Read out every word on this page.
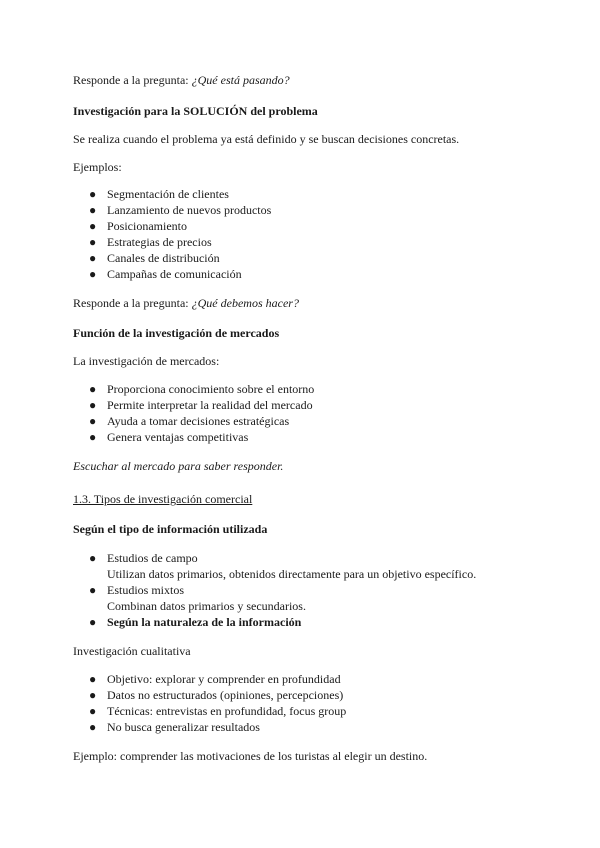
Responde a la pregunta: ¿Qué está pasando?
Investigación para la SOLUCIÓN del problema
Se realiza cuando el problema ya está definido y se buscan decisiones concretas.
Ejemplos:
● Segmentación de clientes
● Lanzamiento de nuevos productos
● Posicionamiento
● Estrategias de precios
● Canales de distribución
● Campañas de comunicación
Responde a la pregunta: ¿Qué debemos hacer?
Función de la investigación de mercados
La investigación de mercados:
● Proporciona conocimiento sobre el entorno
● Permite interpretar la realidad del mercado
● Ayuda a tomar decisiones estratégicas
● Genera ventajas competitivas
Escuchar al mercado para saber responder.
1.3. Tipos de investigación comercial
Según el tipo de información utilizada
● Estudios de campo
Utilizan datos primarios, obtenidos directamente para un objetivo específico.
● Estudios mixtos
Combinan datos primarios y secundarios.
● Según la naturaleza de la información
Investigación cualitativa
● Objetivo: explorar y comprender en profundidad
● Datos no estructurados (opiniones, percepciones)
● Técnicas: entrevistas en profundidad, focus group
● No busca generalizar resultados
Ejemplo: comprender las motivaciones de los turistas al elegir un destino.
